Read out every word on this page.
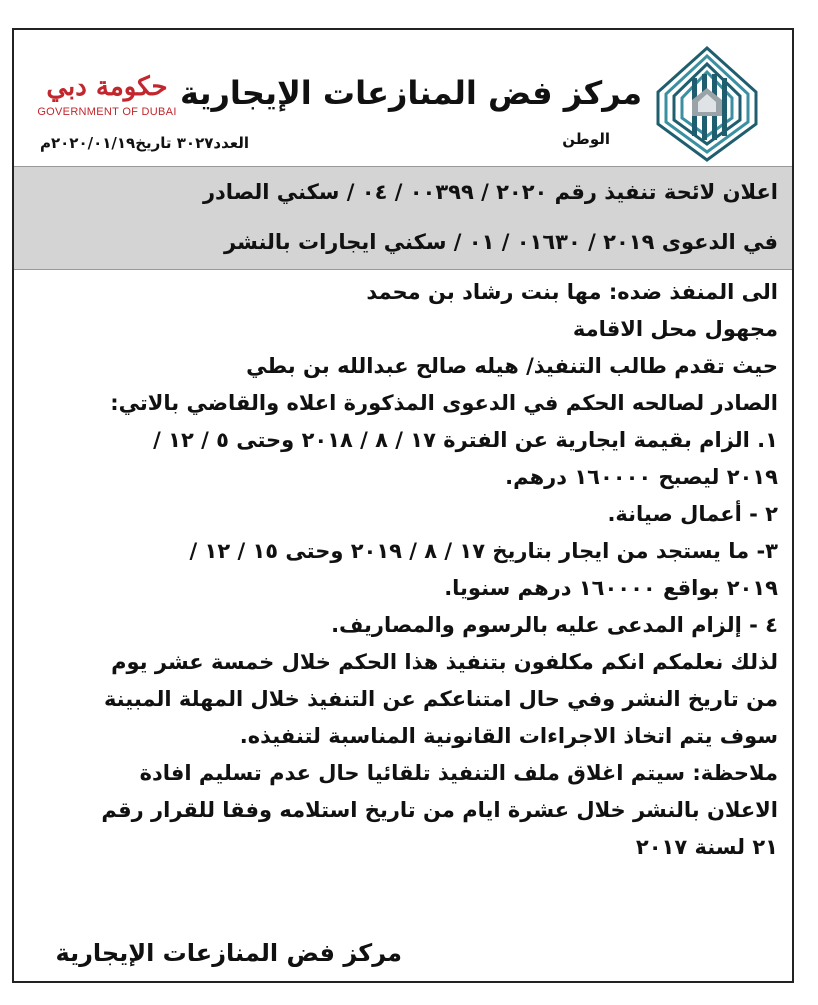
مركز فض المنازعات الإيجارية
الوطن
حكومة دبي
GOVERNMENT OF DUBAI
العدد٣٠٢٧ تاريخ٢٠٢٠/٠١/١٩م

اعلان لائحة تنفيذ رقم ٢٠٢٠ / ٠٠٣٩٩ / ٠٤ / سكني الصادر

في الدعوى ٢٠١٩ / ٠١٦٣٠ / ٠١ / سكني ايجارات بالنشر

الى المنفذ ضده: مها بنت رشاد بن محمد

مجهول محل الاقامة

حيث تقدم طالب التنفيذ/ هيله صالح عبدالله بن بطي

الصادر لصالحه الحكم في الدعوى المذكورة اعلاه والقاضي بالاتي:

١. الزام بقيمة ايجارية عن الفترة ١٧ / ٨ / ٢٠١٨ وحتى ٥ / ١٢ /

٢٠١٩ ليصبح ١٦٠٠٠٠ درهم.

٢ - أعمال صيانة.

٣- ما يستجد من ايجار بتاريخ ١٧ / ٨ / ٢٠١٩ وحتى ١٥ / ١٢ /

٢٠١٩ بواقع ١٦٠٠٠٠ درهم سنويا.

٤ - إلزام المدعى عليه بالرسوم والمصاريف.

لذلك نعلمكم انكم مكلفون بتنفيذ هذا الحكم خلال خمسة عشر يوم

من تاريخ النشر وفي حال امتناعكم عن التنفيذ خلال المهلة المبينة

سوف يتم اتخاذ الاجراءات القانونية المناسبة لتنفيذه.

ملاحظة: سيتم اغلاق ملف التنفيذ تلقائيا حال عدم تسليم افادة

الاعلان بالنشر خلال عشرة ايام من تاريخ استلامه وفقا للقرار رقم

٢١ لسنة ٢٠١٧

مركز فض المنازعات الإيجارية
